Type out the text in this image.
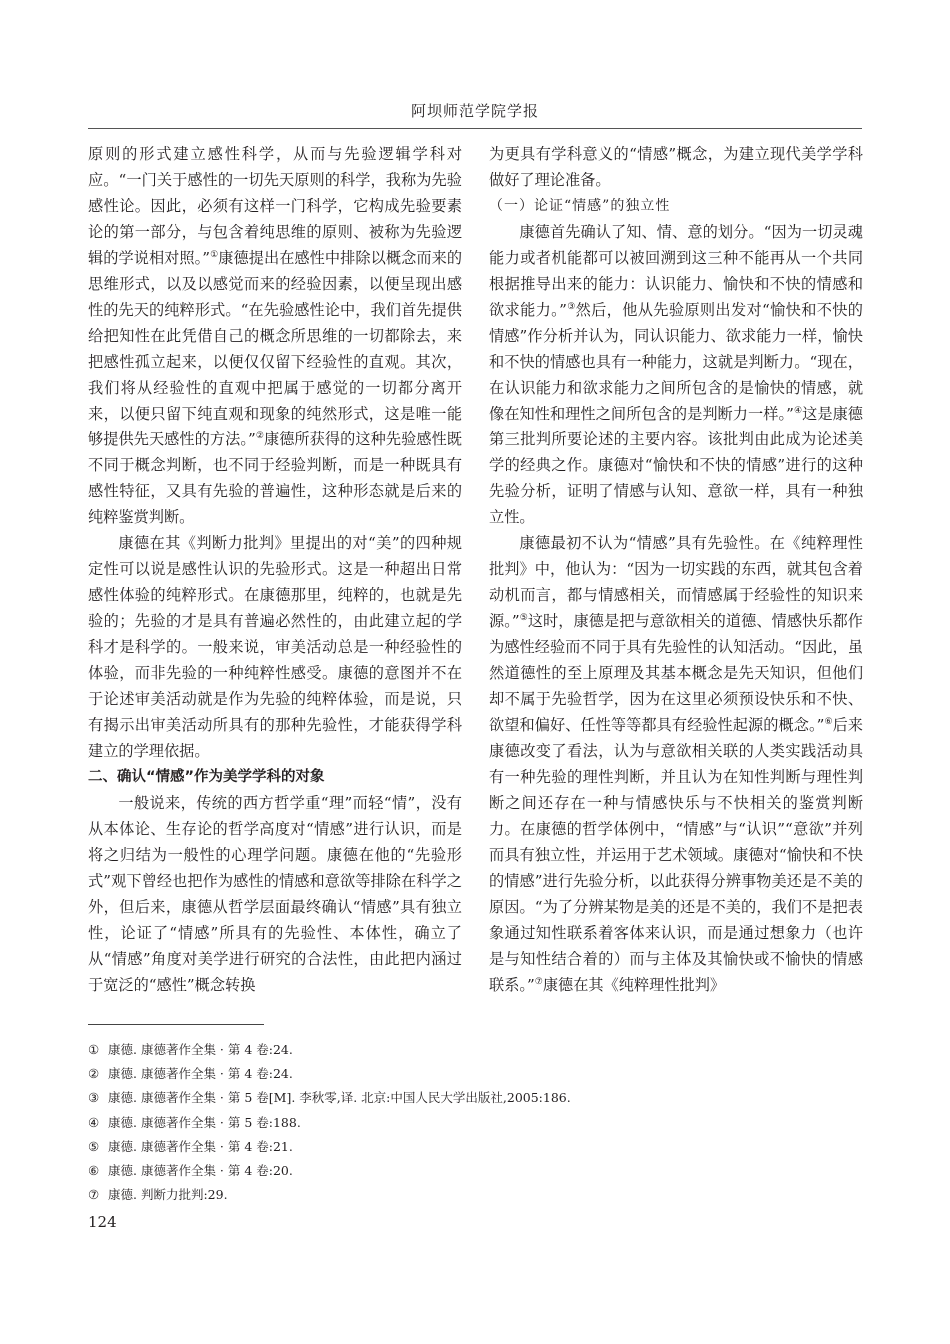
阿坝师范学院学报

原则的形式建立感性科学，从而与先验逻辑学科对应。“一门关于感性的一切先天原则的科学，我称为先验感性论。因此，必须有这样一门科学，它构成先验要素论的第一部分，与包含着纯思维的原则、被称为先验逻辑的学说相对照。”①康德提出在感性中排除以概念而来的思维形式，以及以感觉而来的经验因素，以便呈现出感性的先天的纯粹形式。“在先验感性论中，我们首先提供给把知性在此凭借自己的概念所思维的一切都除去，来把感性孤立起来，以便仅仅留下经验性的直观。其次，我们将从经验性的直观中把属于感觉的一切都分离开来，以便只留下纯直观和现象的纯然形式，这是唯一能够提供先天感性的方法。”②康德所获得的这种先验感性既不同于概念判断，也不同于经验判断，而是一种既具有感性特征，又具有先验的普遍性，这种形态就是后来的纯粹鉴赏判断。

康德在其《判断力批判》里提出的对“美”的四种规定性可以说是感性认识的先验形式。这是一种超出日常感性体验的纯粹形式。在康德那里，纯粹的，也就是先验的；先验的才是具有普遍必然性的，由此建立起的学科才是科学的。一般来说，审美活动总是一种经验性的体验，而非先验的一种纯粹性感受。康德的意图并不在于论述审美活动就是作为先验的纯粹体验，而是说，只有揭示出审美活动所具有的那种先验性，才能获得学科建立的学理依据。

二、确认“情感”作为美学学科的对象

一般说来，传统的西方哲学重“理”而轻“情”，没有从本体论、生存论的哲学高度对“情感”进行认识，而是将之归结为一般性的心理学问题。康德在他的“先验形式”观下曾经也把作为感性的情感和意欲等排除在科学之外，但后来，康德从哲学层面最终确认“情感”具有独立性，论证了“情感”所具有的先验性、本体性，确立了从“情感”角度对美学进行研究的合法性，由此把内涵过于宽泛的“感性”概念转换

为更具有学科意义的“情感”概念，为建立现代美学学科做好了理论准备。

（一）论证“情感”的独立性

康德首先确认了知、情、意的划分。“因为一切灵魂能力或者机能都可以被回溯到这三种不能再从一个共同根据推导出来的能力：认识能力、愉快和不快的情感和欲求能力。”③然后，他从先验原则出发对“愉快和不快的情感”作分析并认为，同认识能力、欲求能力一样，愉快和不快的情感也具有一种能力，这就是判断力。“现在，在认识能力和欲求能力之间所包含的是愉快的情感，就像在知性和理性之间所包含的是判断力一样。”④这是康德第三批判所要论述的主要内容。该批判由此成为论述美学的经典之作。康德对“愉快和不快的情感”进行的这种先验分析，证明了情感与认知、意欲一样，具有一种独立性。

康德最初不认为“情感”具有先验性。在《纯粹理性批判》中，他认为：“因为一切实践的东西，就其包含着动机而言，都与情感相关，而情感属于经验性的知识来源。”⑤这时，康德是把与意欲相关的道德、情感快乐都作为感性经验而不同于具有先验性的认知活动。“因此，虽然道德性的至上原理及其基本概念是先天知识，但他们却不属于先验哲学，因为在这里必须预设快乐和不快、欲望和偏好、任性等等都具有经验性起源的概念。”⑥后来康德改变了看法，认为与意欲相关联的人类实践活动具有一种先验的理性判断，并且认为在知性判断与理性判断之间还存在一种与情感快乐与不快相关的鉴赏判断力。在康德的哲学体例中，“情感”与“认识”“意欲”并列而具有独立性，并运用于艺术领域。康德对“愉快和不快的情感”进行先验分析，以此获得分辨事物美还是不美的原因。“为了分辨某物是美的还是不美的，我们不是把表象通过知性联系着客体来认识，而是通过想象力（也许是与知性结合着的）而与主体及其愉快或不愉快的情感联系。”⑦康德在其《纯粹理性批判》

① 康德. 康德著作全集 · 第 4 卷:24.
② 康德. 康德著作全集 · 第 4 卷:24.
③ 康德. 康德著作全集 · 第 5 卷[M]. 李秋零,译. 北京:中国人民大学出版社,2005:186.
④ 康德. 康德著作全集 · 第 5 卷:188.
⑤ 康德. 康德著作全集 · 第 4 卷:21.
⑥ 康德. 康德著作全集 · 第 4 卷:20.
⑦ 康德. 判断力批判:29.
124
